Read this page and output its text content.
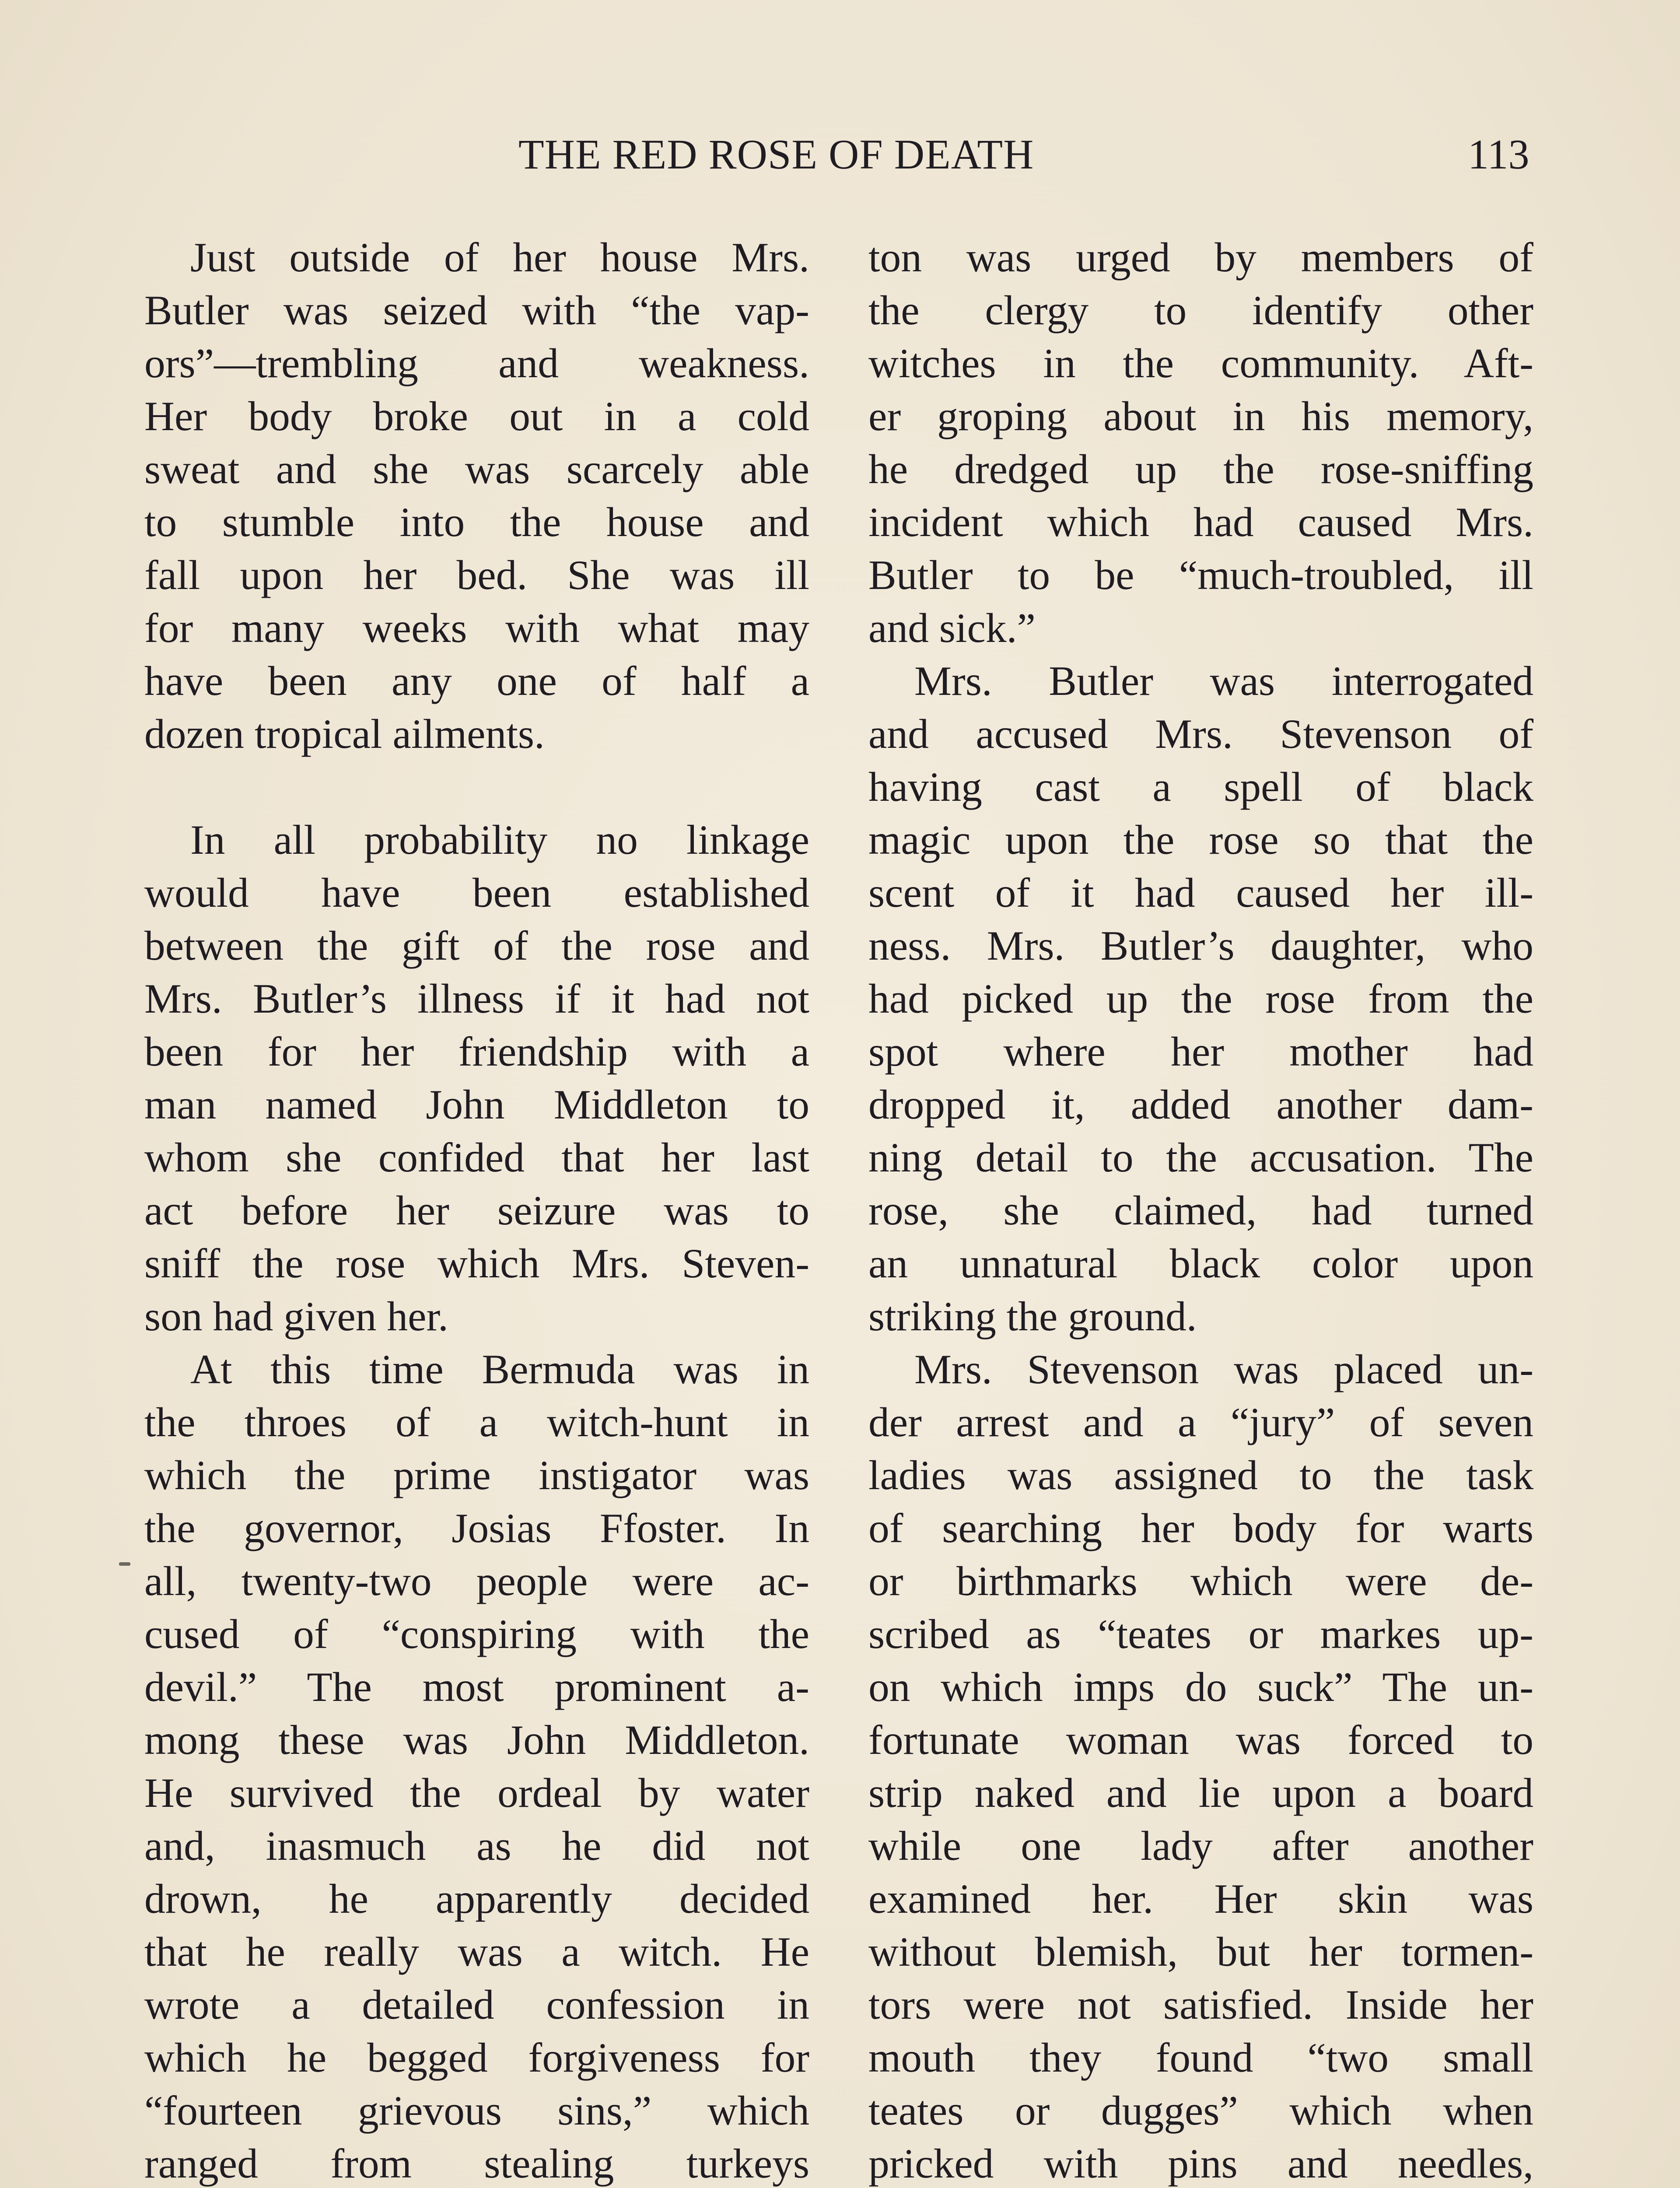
THE RED ROSE OF DEATH	113
Just outside of her house Mrs.
Butler was seized with “the vap-
ors”—trembling and weakness.
Her body broke out in a cold
sweat and she was scarcely able
to stumble into the house and
fall upon her bed. She was ill
for many weeks with what may
have been any one of half a
dozen tropical ailments.
In all probability no linkage
would have been established
between the gift of the rose and
Mrs. Butler’s illness if it had not
been for her friendship with a
man named John Middleton to
whom she confided that her last
act before her seizure was to
sniff the rose which Mrs. Steven-
son had given her.
At this time Bermuda was in
the throes of a witch-hunt in
which the prime instigator was
the governor, Josias Ffoster. In
all, twenty-two people were ac-
cused of “conspiring with the
devil.” The most prominent a-
mong these was John Middleton.
He survived the ordeal by water
and, inasmuch as he did not
drown, he apparently decided
that he really was a witch. He
wrote a detailed confession in
which he begged forgiveness for
“fourteen grievous sins,” which
ranged from stealing turkeys
ton was urged by members of
the clergy to identify other
witches in the community. Aft-
er groping about in his memory,
he dredged up the rose-sniffing
incident which had caused Mrs.
Butler to be “much-troubled, ill
and sick.”
Mrs. Butler was interrogated
and accused Mrs. Stevenson of
having cast a spell of black
magic upon the rose so that the
scent of it had caused her ill-
ness. Mrs. Butler’s daughter, who
had picked up the rose from the
spot where her mother had
dropped it, added another dam-
ning detail to the accusation. The
rose, she claimed, had turned
an unnatural black color upon
striking the ground.
Mrs. Stevenson was placed un-
der arrest and a “jury” of seven
ladies was assigned to the task
of searching her body for warts
or birthmarks which were de-
scribed as “teates or markes up-
on which imps do suck” The un-
fortunate woman was forced to
strip naked and lie upon a board
while one lady after another
examined her. Her skin was
without blemish, but her tormen-
tors were not satisfied. Inside her
mouth they found “two small
teates or dugges” which when
pricked with pins and needles,
